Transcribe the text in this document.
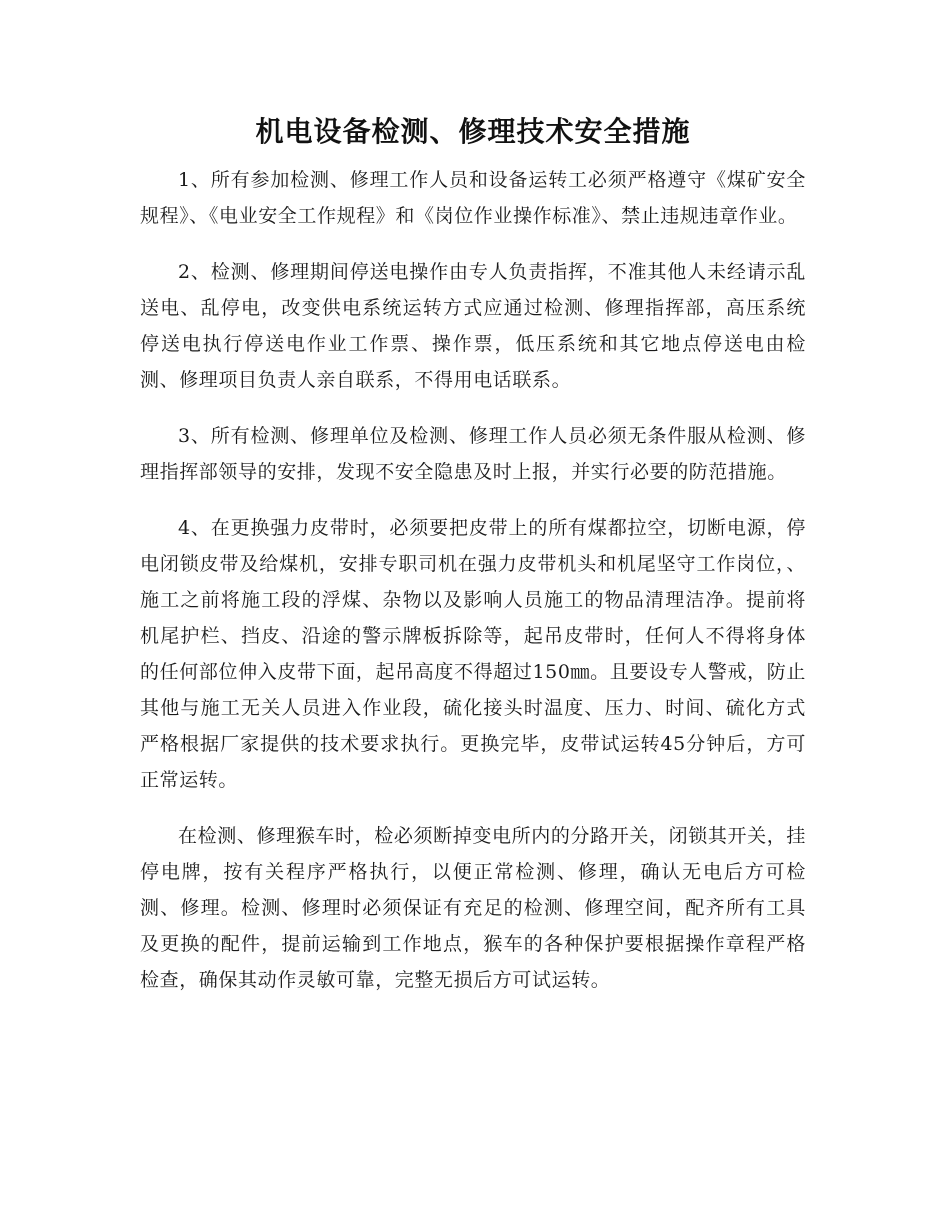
机电设备检测、修理技术安全措施

1、所有参加检测、修理工作人员和设备运转工必须严格遵守《煤矿安全规程》、《电业安全工作规程》和《岗位作业操作标准》、禁止违规违章作业。

2、检测、修理期间停送电操作由专人负责指挥，不准其他人未经请示乱送电、乱停电，改变供电系统运转方式应通过检测、修理指挥部，高压系统停送电执行停送电作业工作票、操作票，低压系统和其它地点停送电由检测、修理项目负责人亲自联系，不得用电话联系。

3、所有检测、修理单位及检测、修理工作人员必须无条件服从检测、修理指挥部领导的安排，发现不安全隐患及时上报，并实行必要的防范措施。

4、在更换强力皮带时，必须要把皮带上的所有煤都拉空，切断电源，停电闭锁皮带及给煤机，安排专职司机在强力皮带机头和机尾坚守工作岗位，、施工之前将施工段的浮煤、杂物以及影响人员施工的物品清理洁净。提前将机尾护栏、挡皮、沿途的警示牌板拆除等，起吊皮带时，任何人不得将身体的任何部位伸入皮带下面，起吊高度不得超过150㎜。且要设专人警戒，防止其他与施工无关人员进入作业段，硫化接头时温度、压力、时间、硫化方式严格根据厂家提供的技术要求执行。更换完毕，皮带试运转45分钟后，方可正常运转。

在检测、修理猴车时，检必须断掉变电所内的分路开关，闭锁其开关，挂停电牌，按有关程序严格执行，以便正常检测、修理，确认无电后方可检测、修理。检测、修理时必须保证有充足的检测、修理空间，配齐所有工具及更换的配件，提前运输到工作地点，猴车的各种保护要根据操作章程严格检查，确保其动作灵敏可靠，完整无损后方可试运转。
